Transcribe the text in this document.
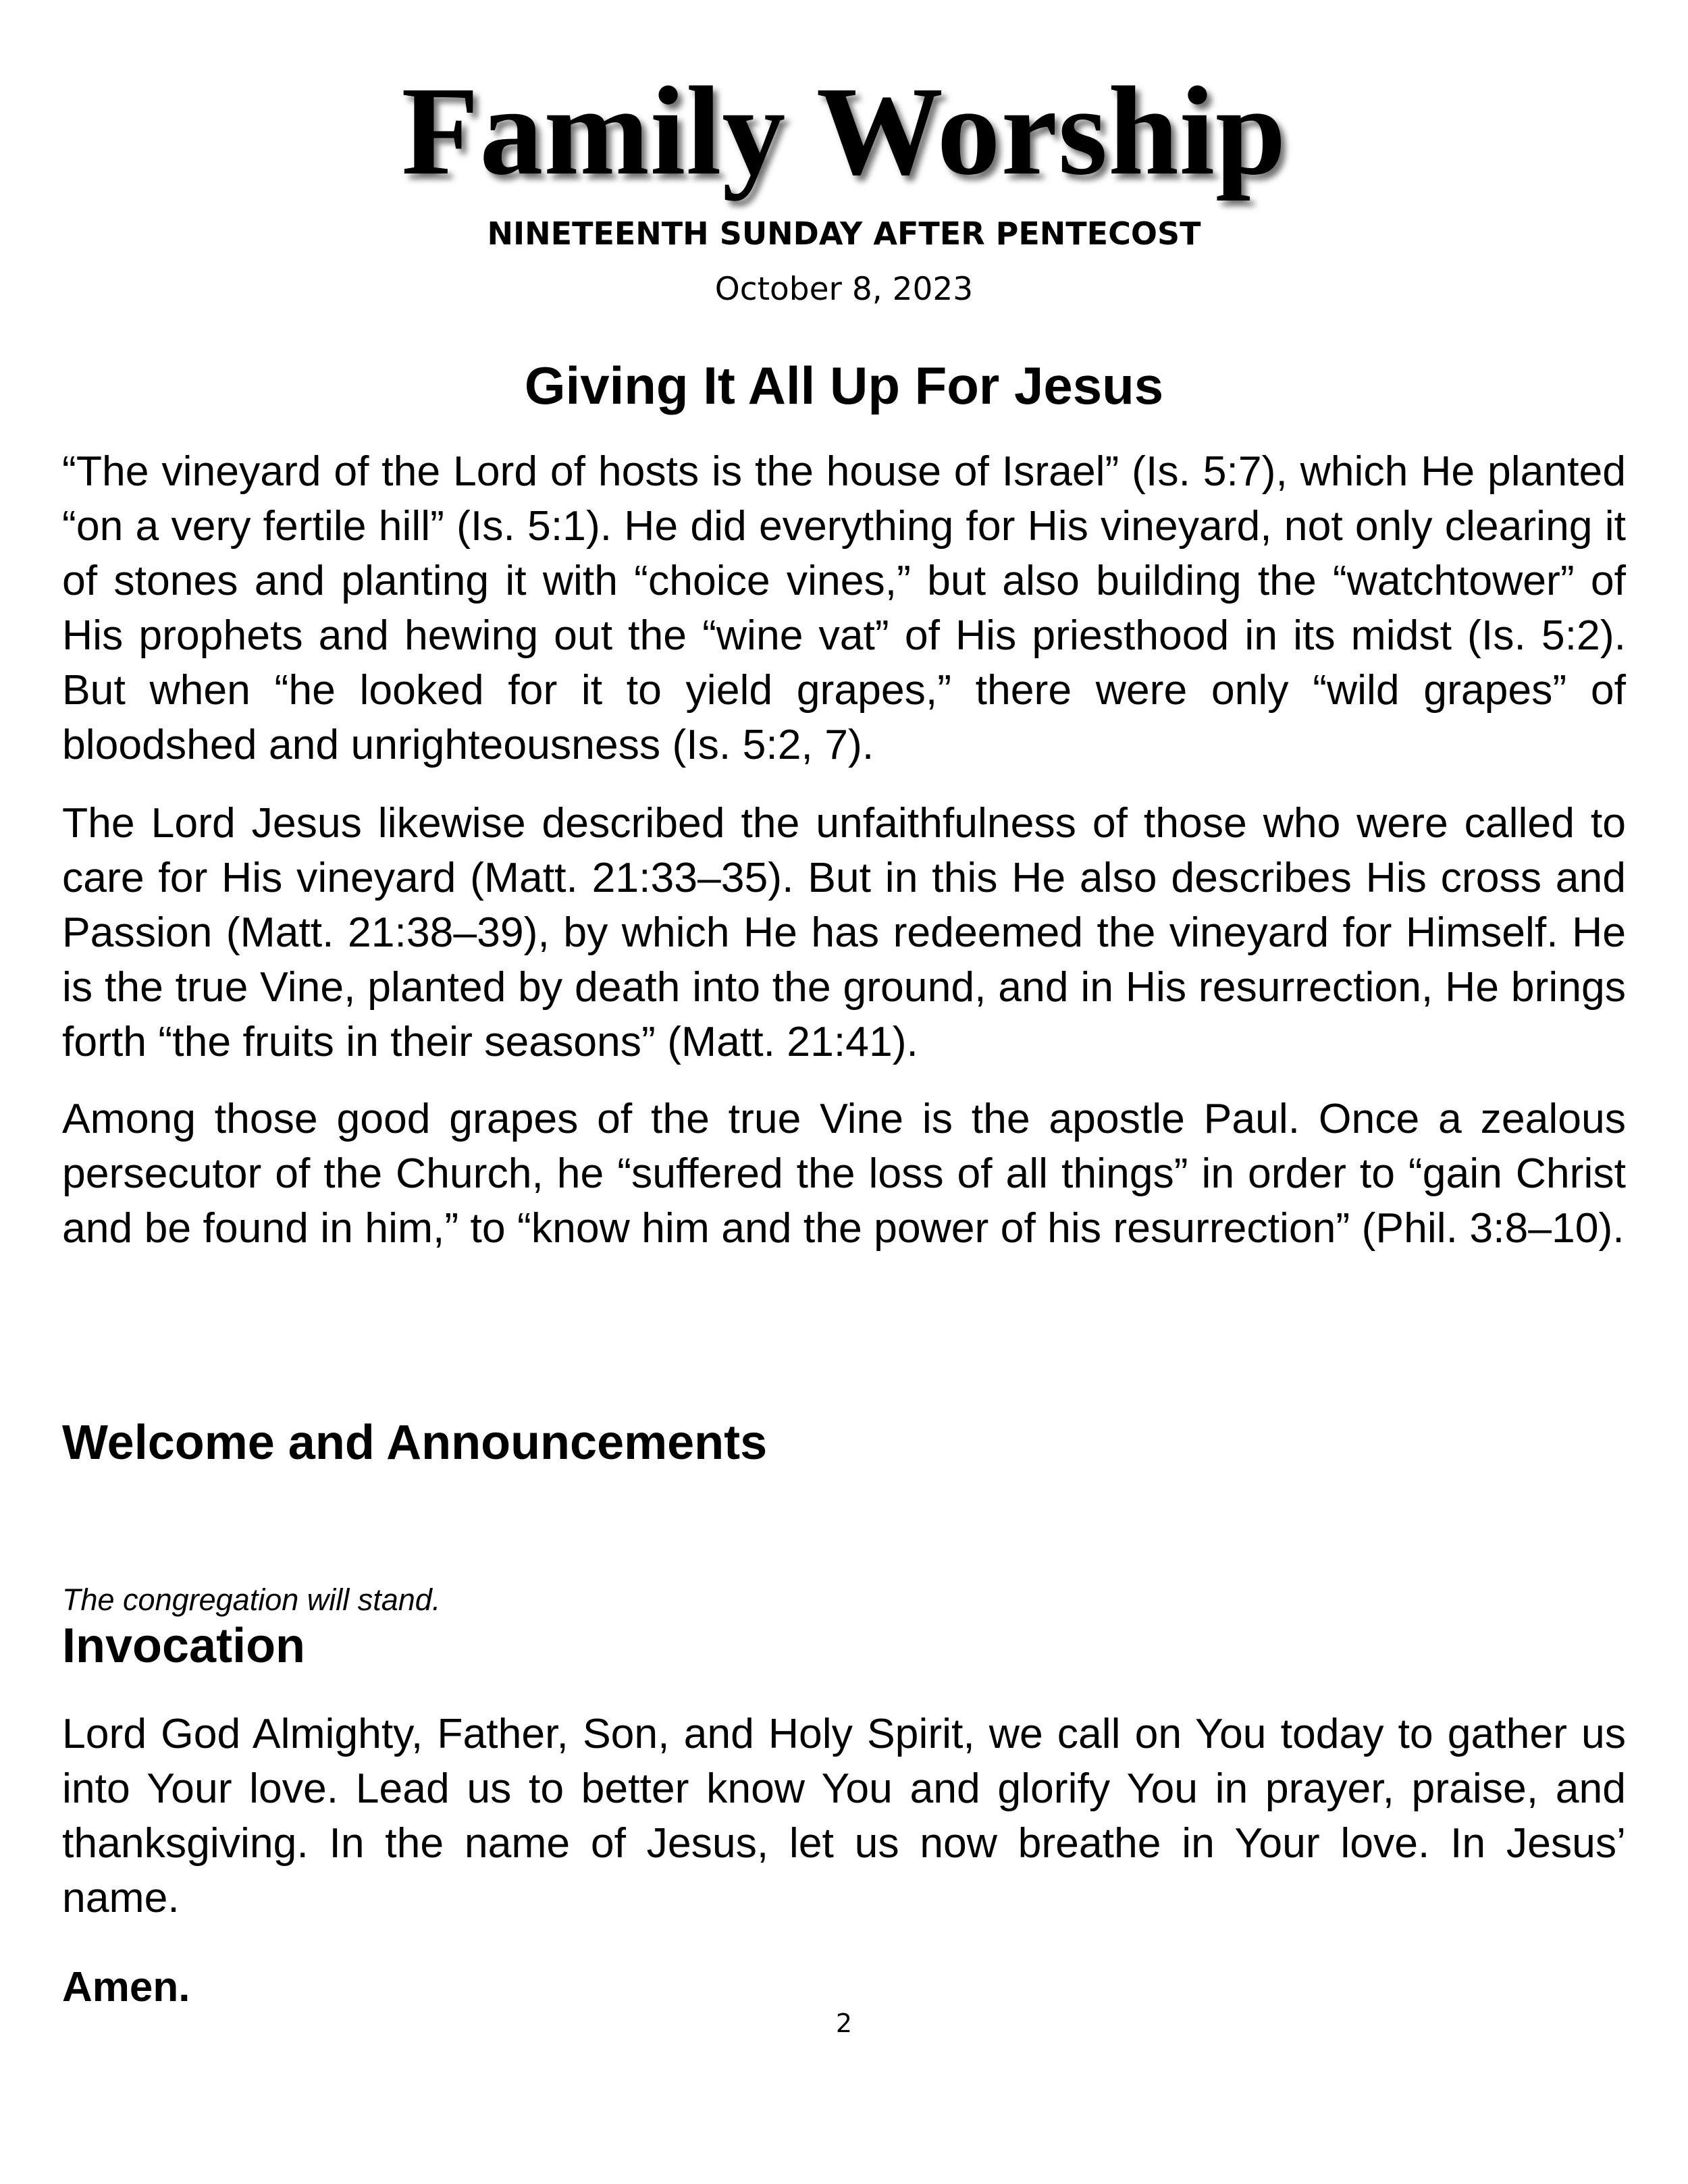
Family Worship
NINETEENTH SUNDAY AFTER PENTECOST
October 8, 2023
Giving It All Up For Jesus

“The vineyard of the Lord of hosts is the house of Israel” (Is. 5:7), which He planted “on a very fertile hill” (Is. 5:1). He did everything for His vineyard, not only clearing it of stones and planting it with “choice vines,” but also building the “watchtower” of His prophets and hewing out the “wine vat” of His priesthood in its midst (Is. 5:2). But when “he looked for it to yield grapes,” there were only “wild grapes” of bloodshed and unrighteousness (Is. 5:2, 7).

The Lord Jesus likewise described the unfaithfulness of those who were called to care for His vineyard (Matt. 21:33–35). But in this He also describes His cross and Passion (Matt. 21:38–39), by which He has redeemed the vineyard for Himself. He is the true Vine, planted by death into the ground, and in His resurrection, He brings forth “the fruits in their seasons” (Matt. 21:41).

Among those good grapes of the true Vine is the apostle Paul. Once a zealous persecutor of the Church, he “suffered the loss of all things” in order to “gain Christ and be found in him,” to “know him and the power of his resurrection” (Phil. 3:8–10).

Welcome and Announcements
The congregation will stand.
Invocation

Lord God Almighty, Father, Son, and Holy Spirit, we call on You today to gather us into Your love. Lead us to better know You and glorify You in prayer, praise, and thanksgiving. In the name of Jesus, let us now breathe in Your love. In Jesus’ name.

Amen.
2
